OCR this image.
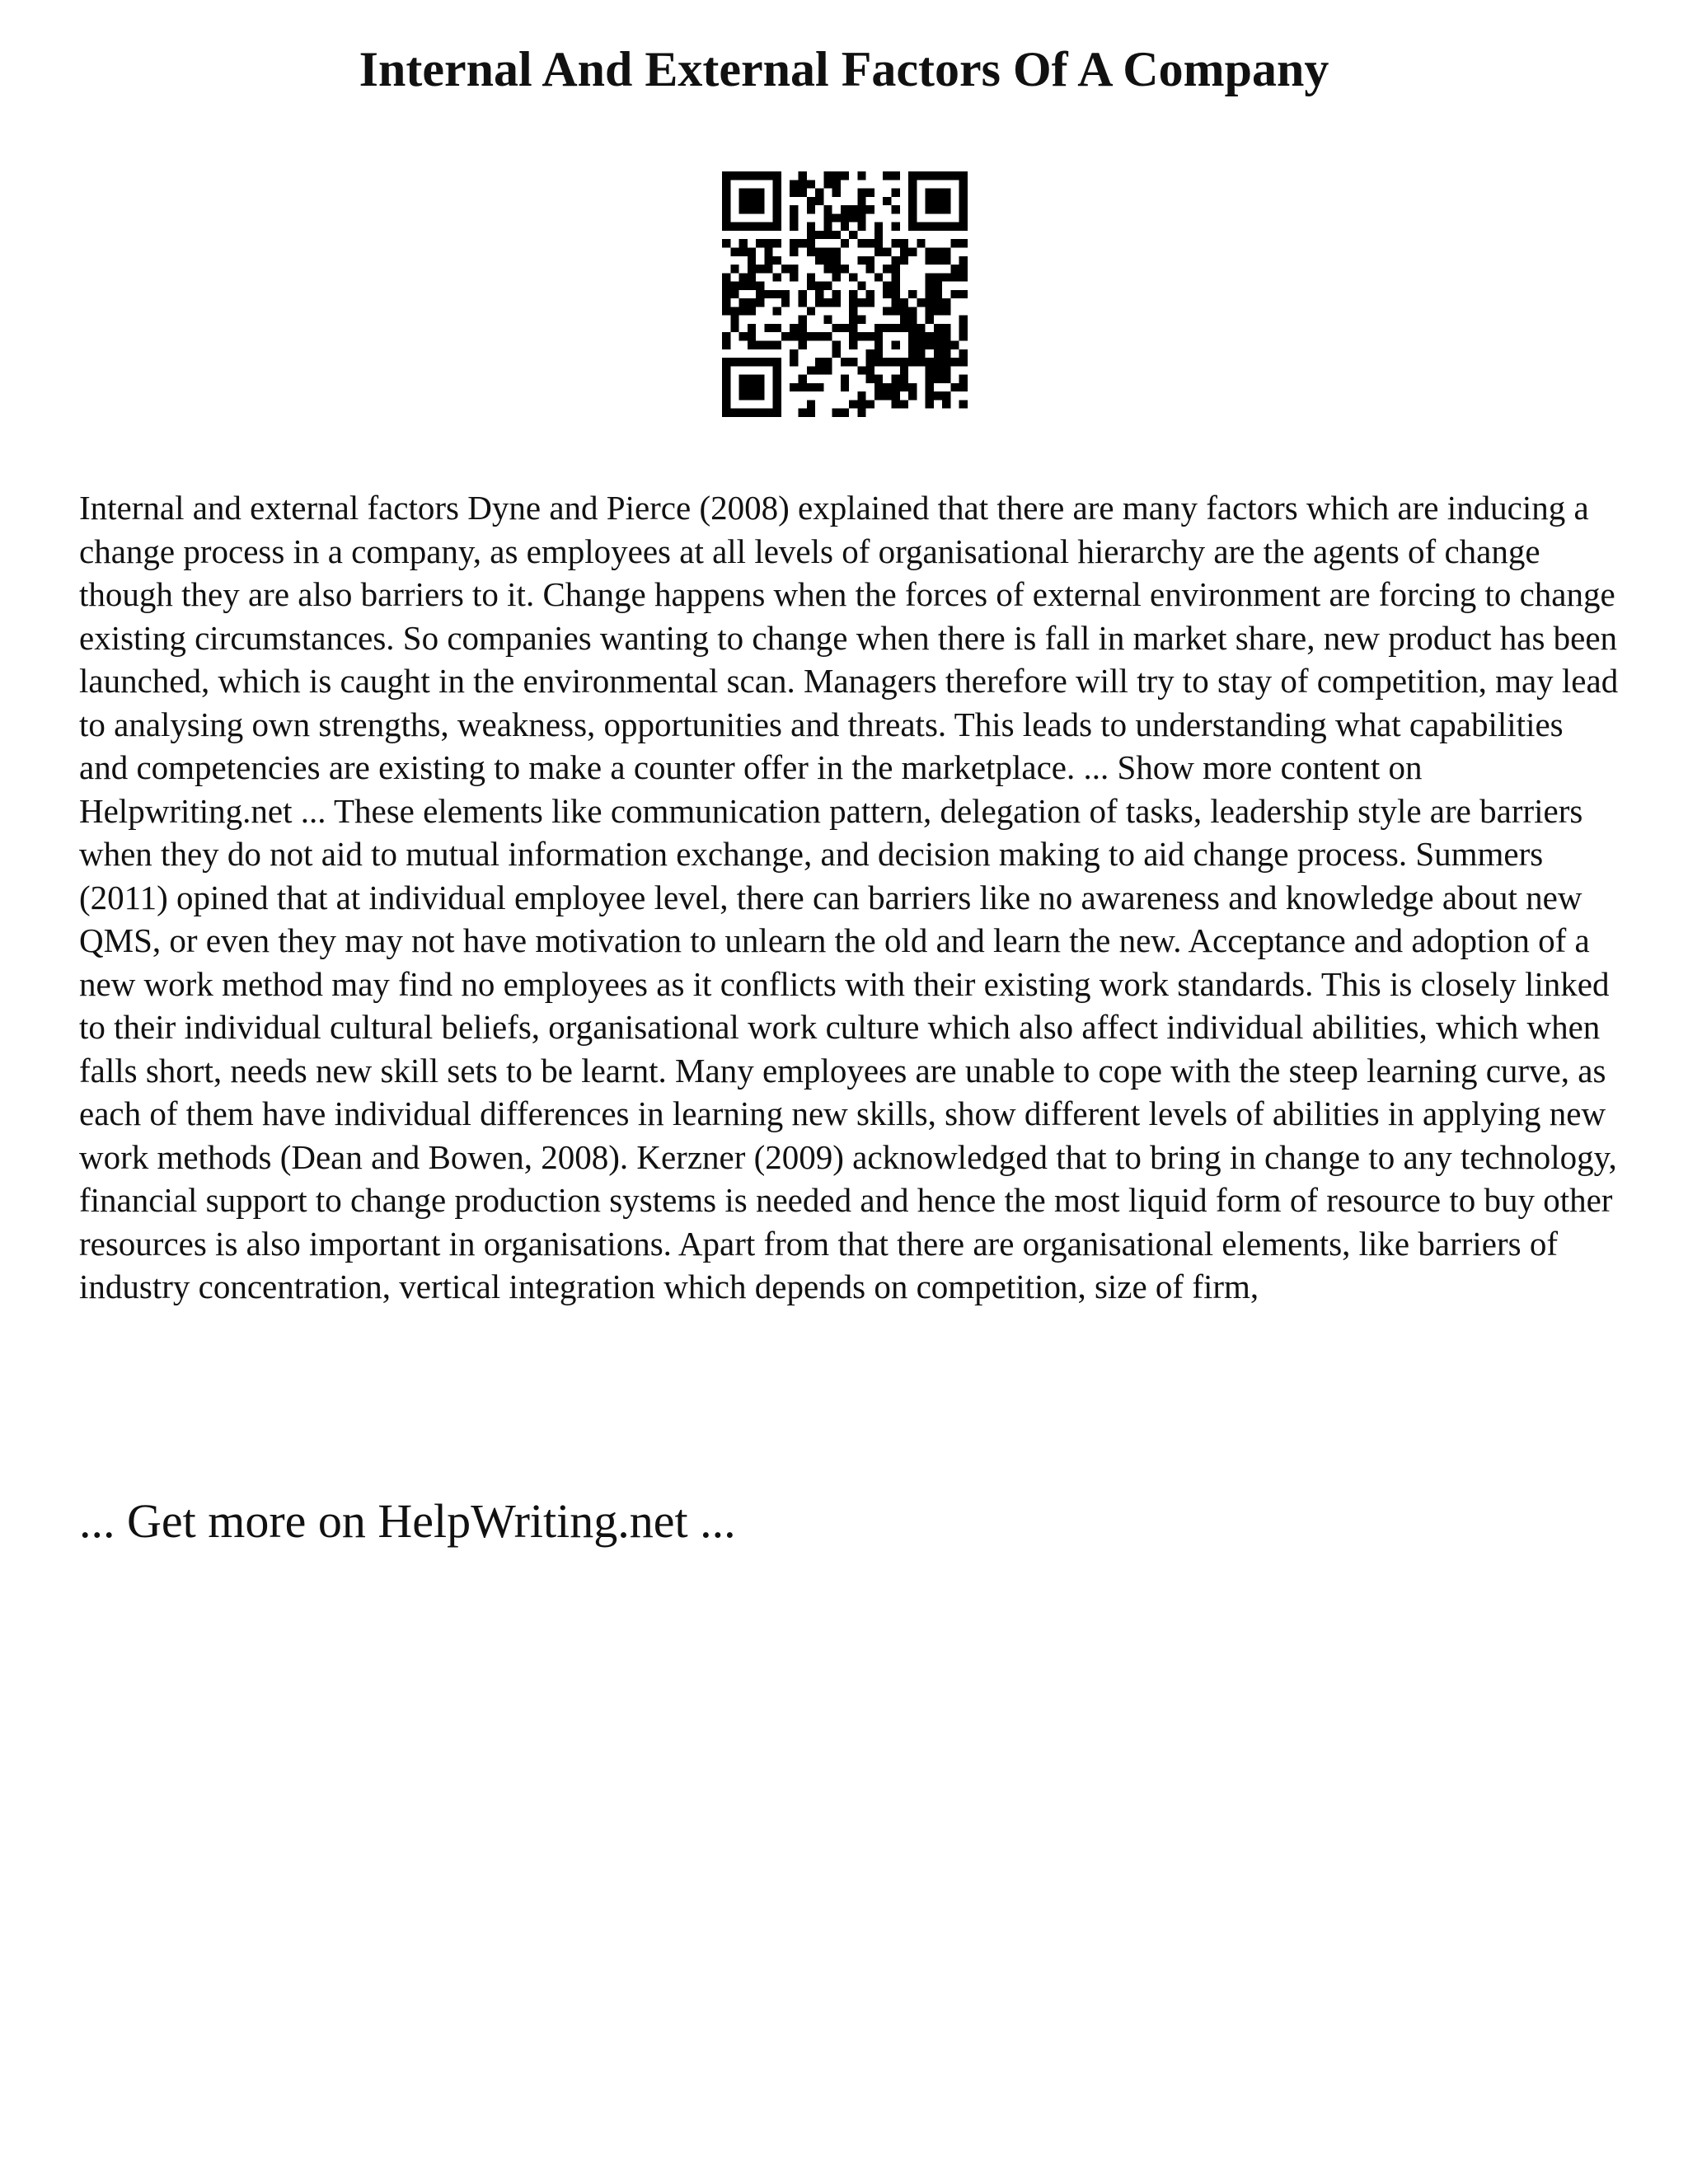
Internal And External Factors Of A Company

Internal and external factors Dyne and Pierce (2008) explained that there are many factors which are inducing a change process in a company, as employees at all levels of organisational hierarchy are the agents of change though they are also barriers to it. Change happens when the forces of external environment are forcing to change existing circumstances. So companies wanting to change when there is fall in market share, new product has been launched, which is caught in the environmental scan. Managers therefore will try to stay of competition, may lead to analysing own strengths, weakness, opportunities and threats. This leads to understanding what capabilities and competencies are existing to make a counter offer in the marketplace. ... Show more content on Helpwriting.net ... These elements like communication pattern, delegation of tasks, leadership style are barriers when they do not aid to mutual information exchange, and decision making to aid change process. Summers (2011) opined that at individual employee level, there can barriers like no awareness and knowledge about new QMS, or even they may not have motivation to unlearn the old and learn the new. Acceptance and adoption of a new work method may find no employees as it conflicts with their existing work standards. This is closely linked to their individual cultural beliefs, organisational work culture which also affect individual abilities, which when falls short, needs new skill sets to be learnt. Many employees are unable to cope with the steep learning curve, as each of them have individual differences in learning new skills, show different levels of abilities in applying new work methods (Dean and Bowen, 2008). Kerzner (2009) acknowledged that to bring in change to any technology, financial support to change production systems is needed and hence the most liquid form of resource to buy other resources is also important in organisations. Apart from that there are organisational elements, like barriers of industry concentration, vertical integration which depends on competition, size of firm,

... Get more on HelpWriting.net ...
